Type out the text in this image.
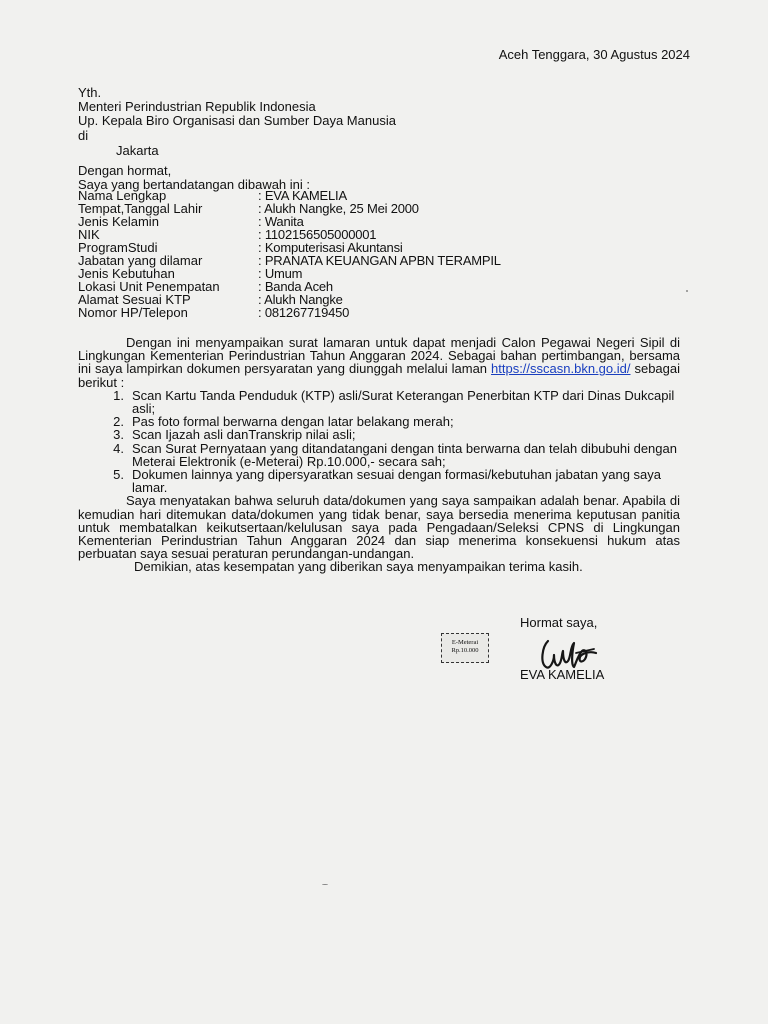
Aceh Tenggara, 30 Agustus 2024
Yth.
Menteri Perindustrian Republik Indonesia
Up. Kepala Biro Organisasi dan Sumber Daya Manusia
di
Jakarta
Dengan hormat,
Saya yang bertandatangan dibawah ini :
Nama Lengkap	: EVA KAMELIA
Tempat,Tanggal Lahir	: Alukh Nangke, 25 Mei 2000
Jenis Kelamin	: Wanita
NIK	: 1102156505000001
ProgramStudi	: Komputerisasi Akuntansi
Jabatan yang dilamar	: PRANATA KEUANGAN APBN TERAMPIL
Jenis Kebutuhan	: Umum
Lokasi Unit Penempatan	: Banda Aceh
Alamat Sesuai KTP	: Alukh Nangke
Nomor HP/Telepon	: 081267719450

Dengan ini menyampaikan surat lamaran untuk dapat menjadi Calon Pegawai Negeri Sipil di Lingkungan Kementerian Perindustrian Tahun Anggaran 2024. Sebagai bahan pertimbangan, bersama ini saya lampirkan dokumen persyaratan yang diunggah melalui laman https://sscasn.bkn.go.id/ sebagai berikut :

1. Scan Kartu Tanda Penduduk (KTP) asli/Surat Keterangan Penerbitan KTP dari Dinas Dukcapil asli;
2. Pas foto formal berwarna dengan latar belakang merah;
3. Scan Ijazah asli danTranskrip nilai asli;
4. Scan Surat Pernyataan yang ditandatangani dengan tinta berwarna dan telah dibubuhi dengan Meterai Elektronik (e-Meterai) Rp.10.000,- secara sah;
5. Dokumen lainnya yang dipersyaratkan sesuai dengan formasi/kebutuhan jabatan yang saya lamar.

Saya menyatakan bahwa seluruh data/dokumen yang saya sampaikan adalah benar. Apabila di kemudian hari ditemukan data/dokumen yang tidak benar, saya bersedia menerima keputusan panitia untuk membatalkan keikutsertaan/kelulusan saya pada Pengadaan/Seleksi CPNS di Lingkungan Kementerian Perindustrian Tahun Anggaran 2024 dan siap menerima konsekuensi hukum atas perbuatan saya sesuai peraturan perundangan-undangan.

Demikian, atas kesempatan yang diberikan saya menyampaikan terima kasih.

E-Meterai
Rp.10.000
Hormat saya,
EVA KAMELIA
